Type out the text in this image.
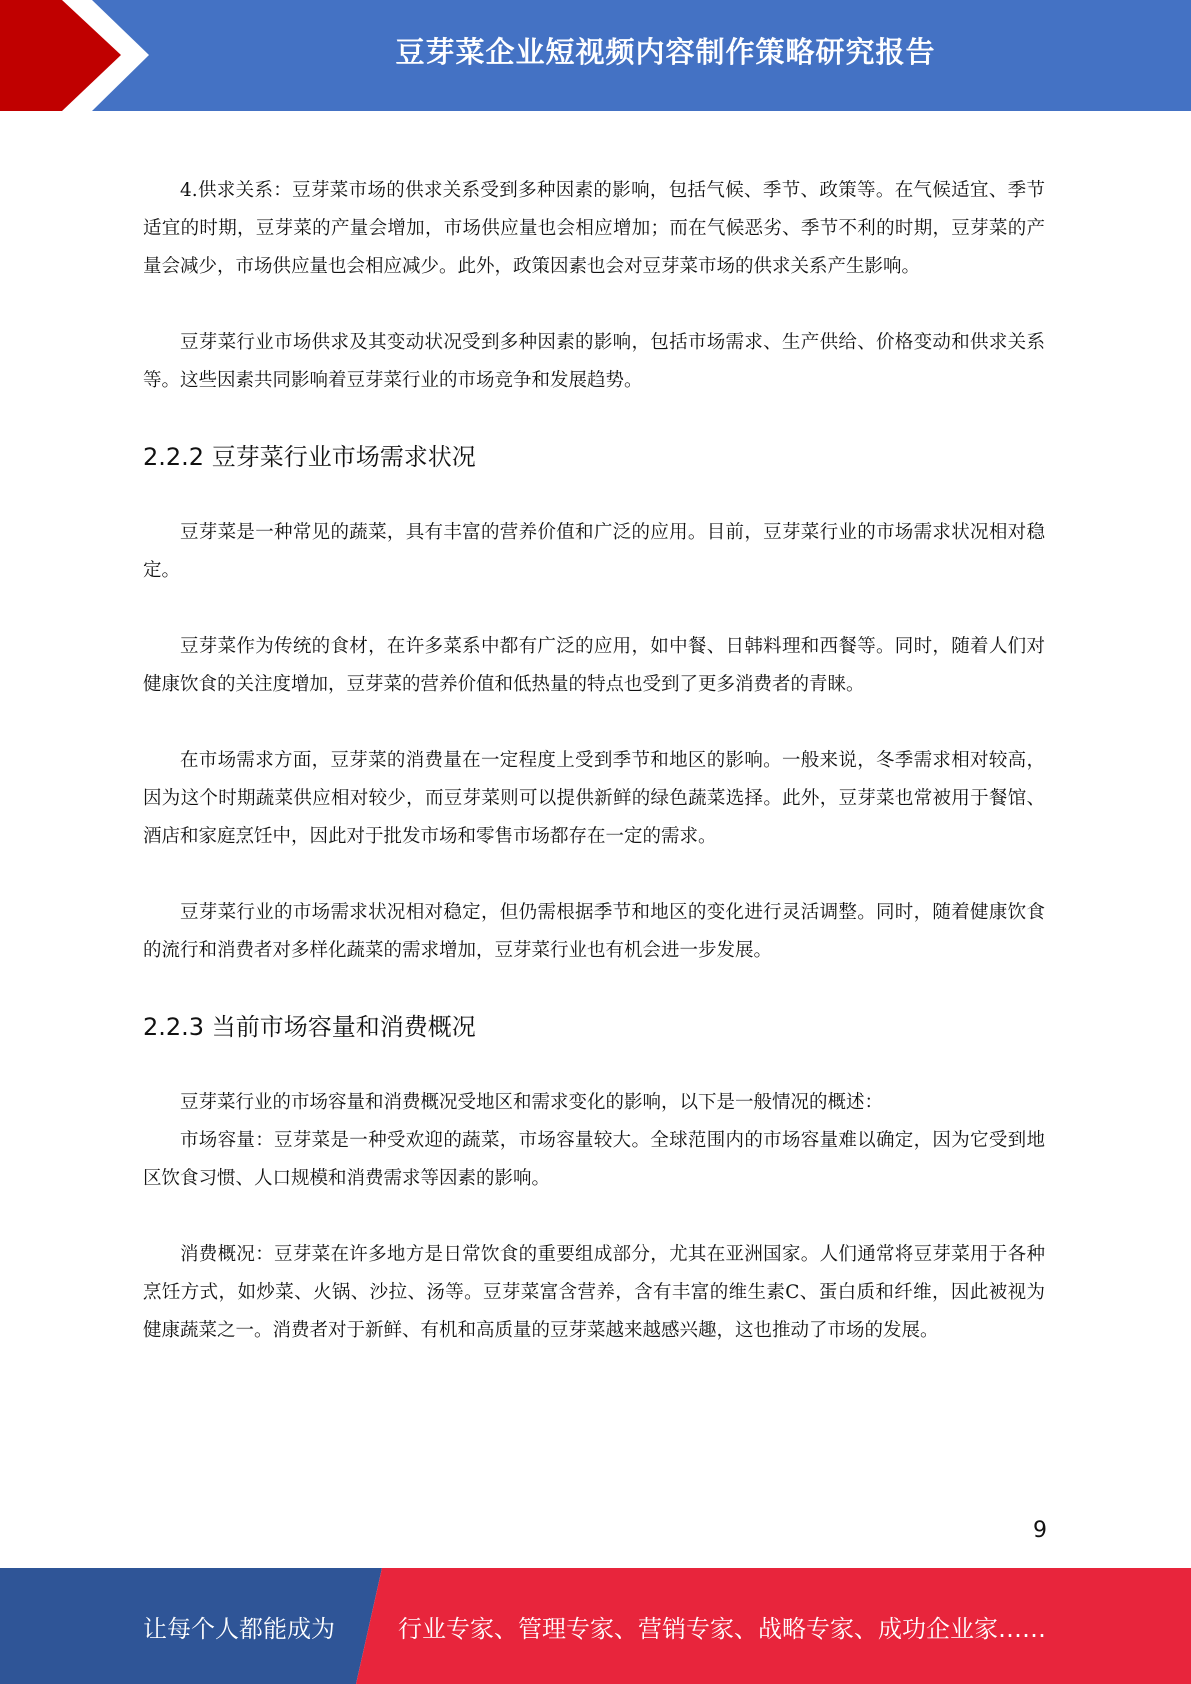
豆芽菜企业短视频内容制作策略研究报告

4.供求关系：豆芽菜市场的供求关系受到多种因素的影响，包括气候、季节、政策等。在气候适宜、季节适宜的时期，豆芽菜的产量会增加，市场供应量也会相应增加；而在气候恶劣、季节不利的时期，豆芽菜的产量会减少，市场供应量也会相应减少。此外，政策因素也会对豆芽菜市场的供求关系产生影响。

豆芽菜行业市场供求及其变动状况受到多种因素的影响，包括市场需求、生产供给、价格变动和供求关系等。这些因素共同影响着豆芽菜行业的市场竞争和发展趋势。

2.2.2 豆芽菜行业市场需求状况

豆芽菜是一种常见的蔬菜，具有丰富的营养价值和广泛的应用。目前，豆芽菜行业的市场需求状况相对稳定。

豆芽菜作为传统的食材，在许多菜系中都有广泛的应用，如中餐、日韩料理和西餐等。同时，随着人们对健康饮食的关注度增加，豆芽菜的营养价值和低热量的特点也受到了更多消费者的青睐。

在市场需求方面，豆芽菜的消费量在一定程度上受到季节和地区的影响。一般来说，冬季需求相对较高，因为这个时期蔬菜供应相对较少，而豆芽菜则可以提供新鲜的绿色蔬菜选择。此外，豆芽菜也常被用于餐馆、酒店和家庭烹饪中，因此对于批发市场和零售市场都存在一定的需求。

豆芽菜行业的市场需求状况相对稳定，但仍需根据季节和地区的变化进行灵活调整。同时，随着健康饮食的流行和消费者对多样化蔬菜的需求增加，豆芽菜行业也有机会进一步发展。

2.2.3 当前市场容量和消费概况

豆芽菜行业的市场容量和消费概况受地区和需求变化的影响，以下是一般情况的概述：

市场容量：豆芽菜是一种受欢迎的蔬菜，市场容量较大。全球范围内的市场容量难以确定，因为它受到地区饮食习惯、人口规模和消费需求等因素的影响。

消费概况：豆芽菜在许多地方是日常饮食的重要组成部分，尤其在亚洲国家。人们通常将豆芽菜用于各种烹饪方式，如炒菜、火锅、沙拉、汤等。豆芽菜富含营养，含有丰富的维生素C、蛋白质和纤维，因此被视为健康蔬菜之一。消费者对于新鲜、有机和高质量的豆芽菜越来越感兴趣，这也推动了市场的发展。

9
让每个人都能成为	行业专家、管理专家、营销专家、战略专家、成功企业家……
